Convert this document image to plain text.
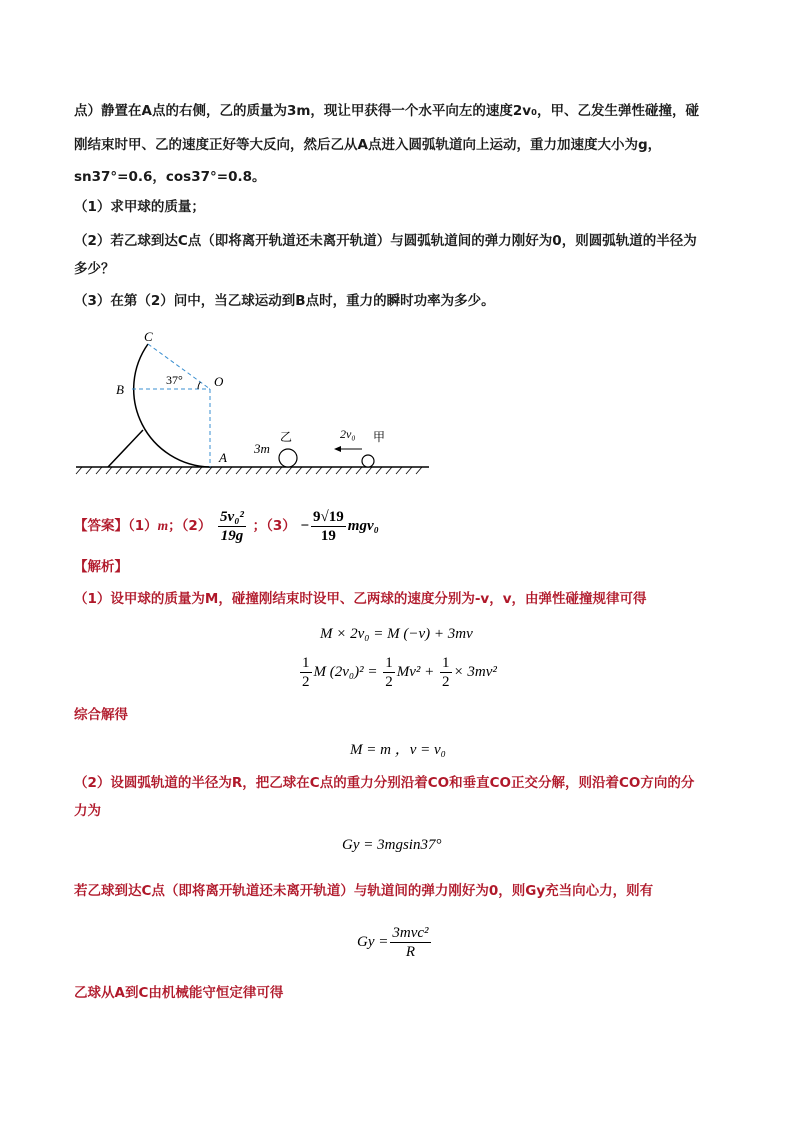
点）静置在A点的右侧，乙的质量为3m，现让甲获得一个水平向左的速度2v₀，甲、乙发生弹性碰撞，碰
刚结束时甲、乙的速度正好等大反向，然后乙从A点进入圆弧轨道向上运动，重力加速度大小为g，
sn37°=0.6，cos37°=0.8。
（1）求甲球的质量；
（2）若乙球到达C点（即将离开轨道还未离开轨道）与圆弧轨道间的弹力刚好为0，则圆弧轨道的半径为
多少？
（3）在第（2）问中，当乙球运动到B点时，重力的瞬时功率为多少。
C
B
O
A
37°
3m
乙	甲
2v₀
【答案】（1）m；$(2) \frac{\text{5v₀²}}{19g}$ ；$(3) - \frac{9√19}{19} mgv_0$
【解析】
（1）设甲球的质量为M，碰撞刚结束时设甲、乙两球的速度分别为-v，v，由弹性碰撞规律可得
M × 2v₀ = M (−v) + 3mv
$\frac{1}{2}$ M $(2v_0)^2 = \frac{1}{2} Mv^2 + \frac{1}{2} \times 3mv^2$
综合解得
M = m ，v = v₀
（2）设圆弧轨道的半径为R，把乙球在C点的重力分别沿着CO和垂直CO正交分解，则沿着CO方向的分
力为
Gy = 3mgsin37°
若乙球到达C点（即将离开轨道还未离开轨道）与轨道间的弹力刚好为0，则Gy充当向心力，则有
$Gy = \frac{\text{3mvc²}}{R}$
乙球从A到C由机械能守恒定律可得
